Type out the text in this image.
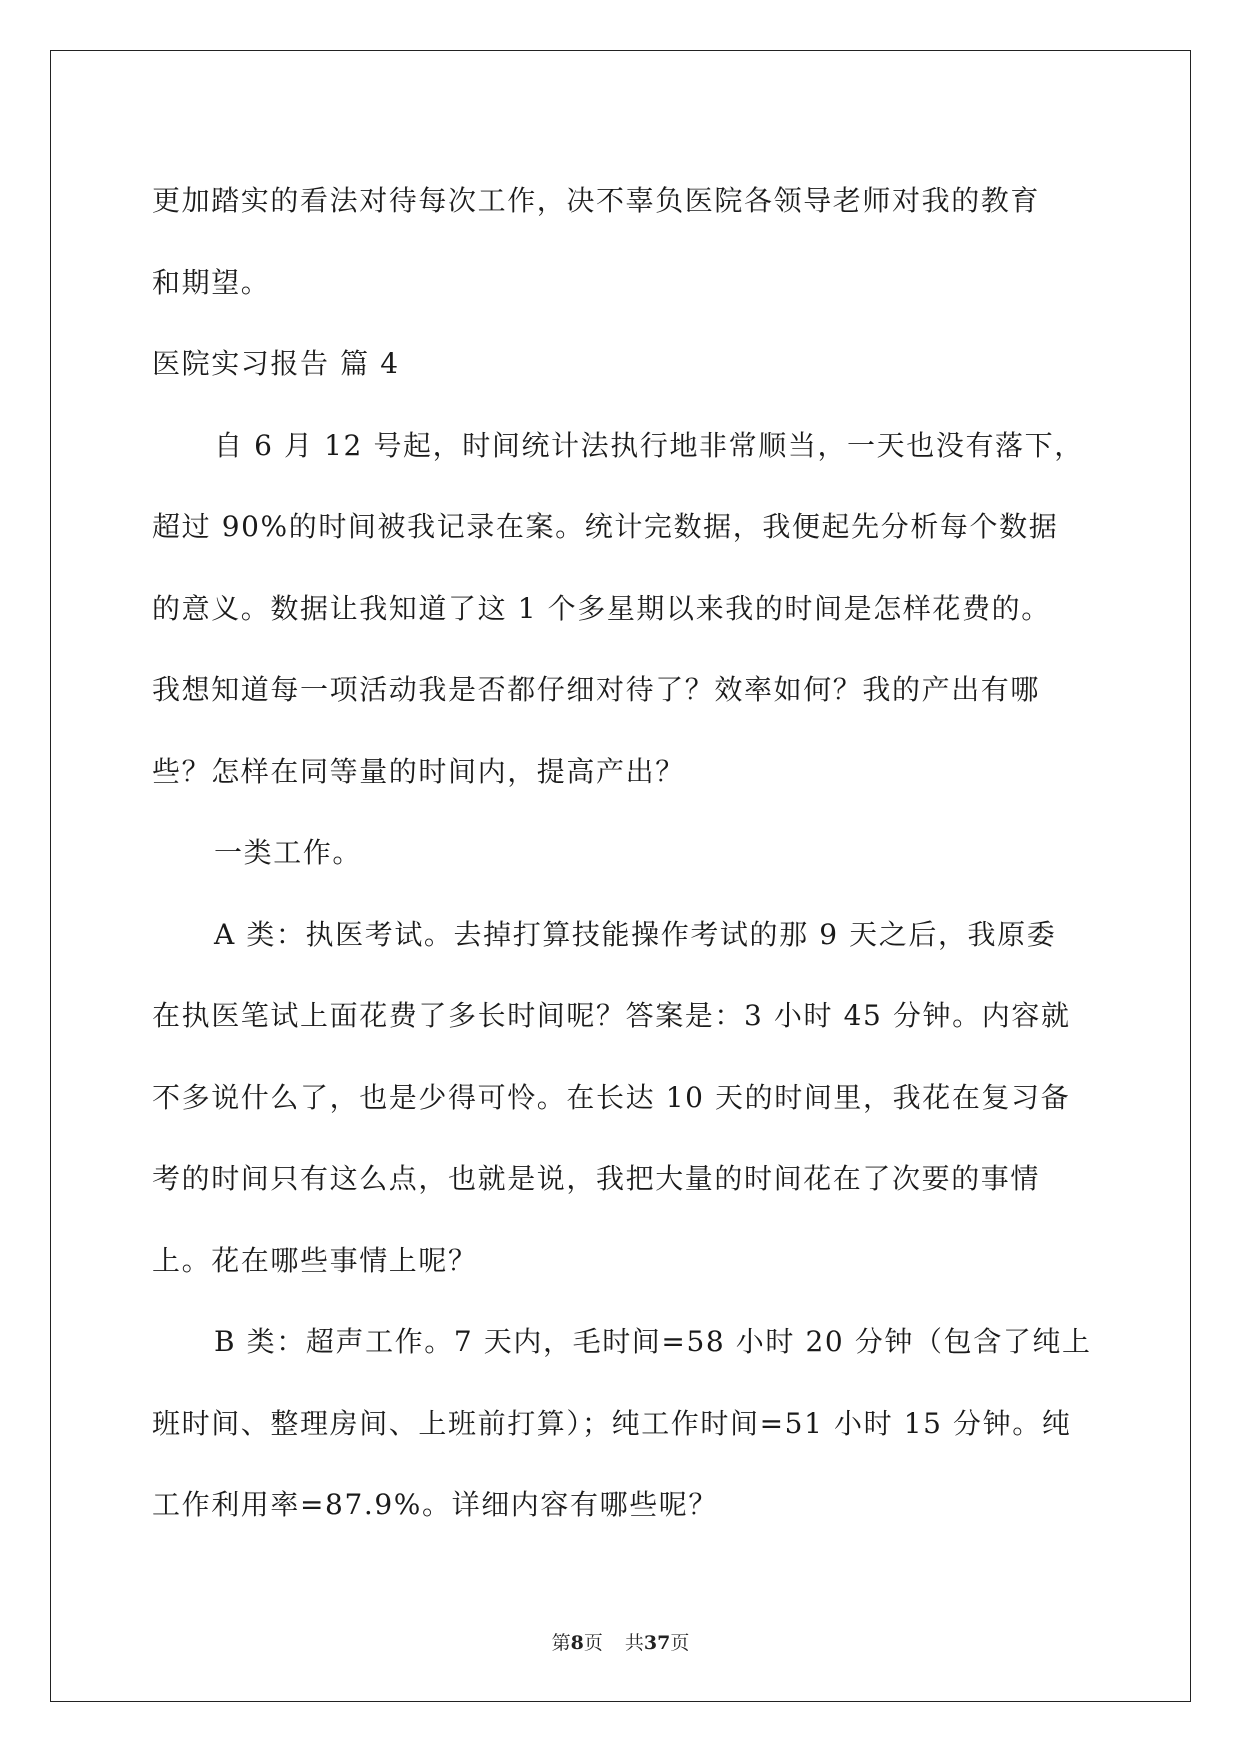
更加踏实的看法对待每次工作，决不辜负医院各领导老师对我的教育

和期望。

医院实习报告 篇 4

自 6 月 12 号起，时间统计法执行地非常顺当，一天也没有落下，

超过 90%的时间被我记录在案。统计完数据，我便起先分析每个数据

的意义。数据让我知道了这 1 个多星期以来我的时间是怎样花费的。

我想知道每一项活动我是否都仔细对待了？效率如何？我的产出有哪

些？怎样在同等量的时间内，提高产出？

一类工作。

A 类：执医考试。去掉打算技能操作考试的那 9 天之后，我原委

在执医笔试上面花费了多长时间呢？答案是：3 小时 45 分钟。内容就

不多说什么了，也是少得可怜。在长达 10 天的时间里，我花在复习备

考的时间只有这么点，也就是说，我把大量的时间花在了次要的事情

上。花在哪些事情上呢？

B 类：超声工作。7 天内，毛时间=58 小时 20 分钟（包含了纯上

班时间、整理房间、上班前打算）；纯工作时间=51 小时 15 分钟。纯

工作利用率=87.9%。详细内容有哪些呢？

第8页 共37页
